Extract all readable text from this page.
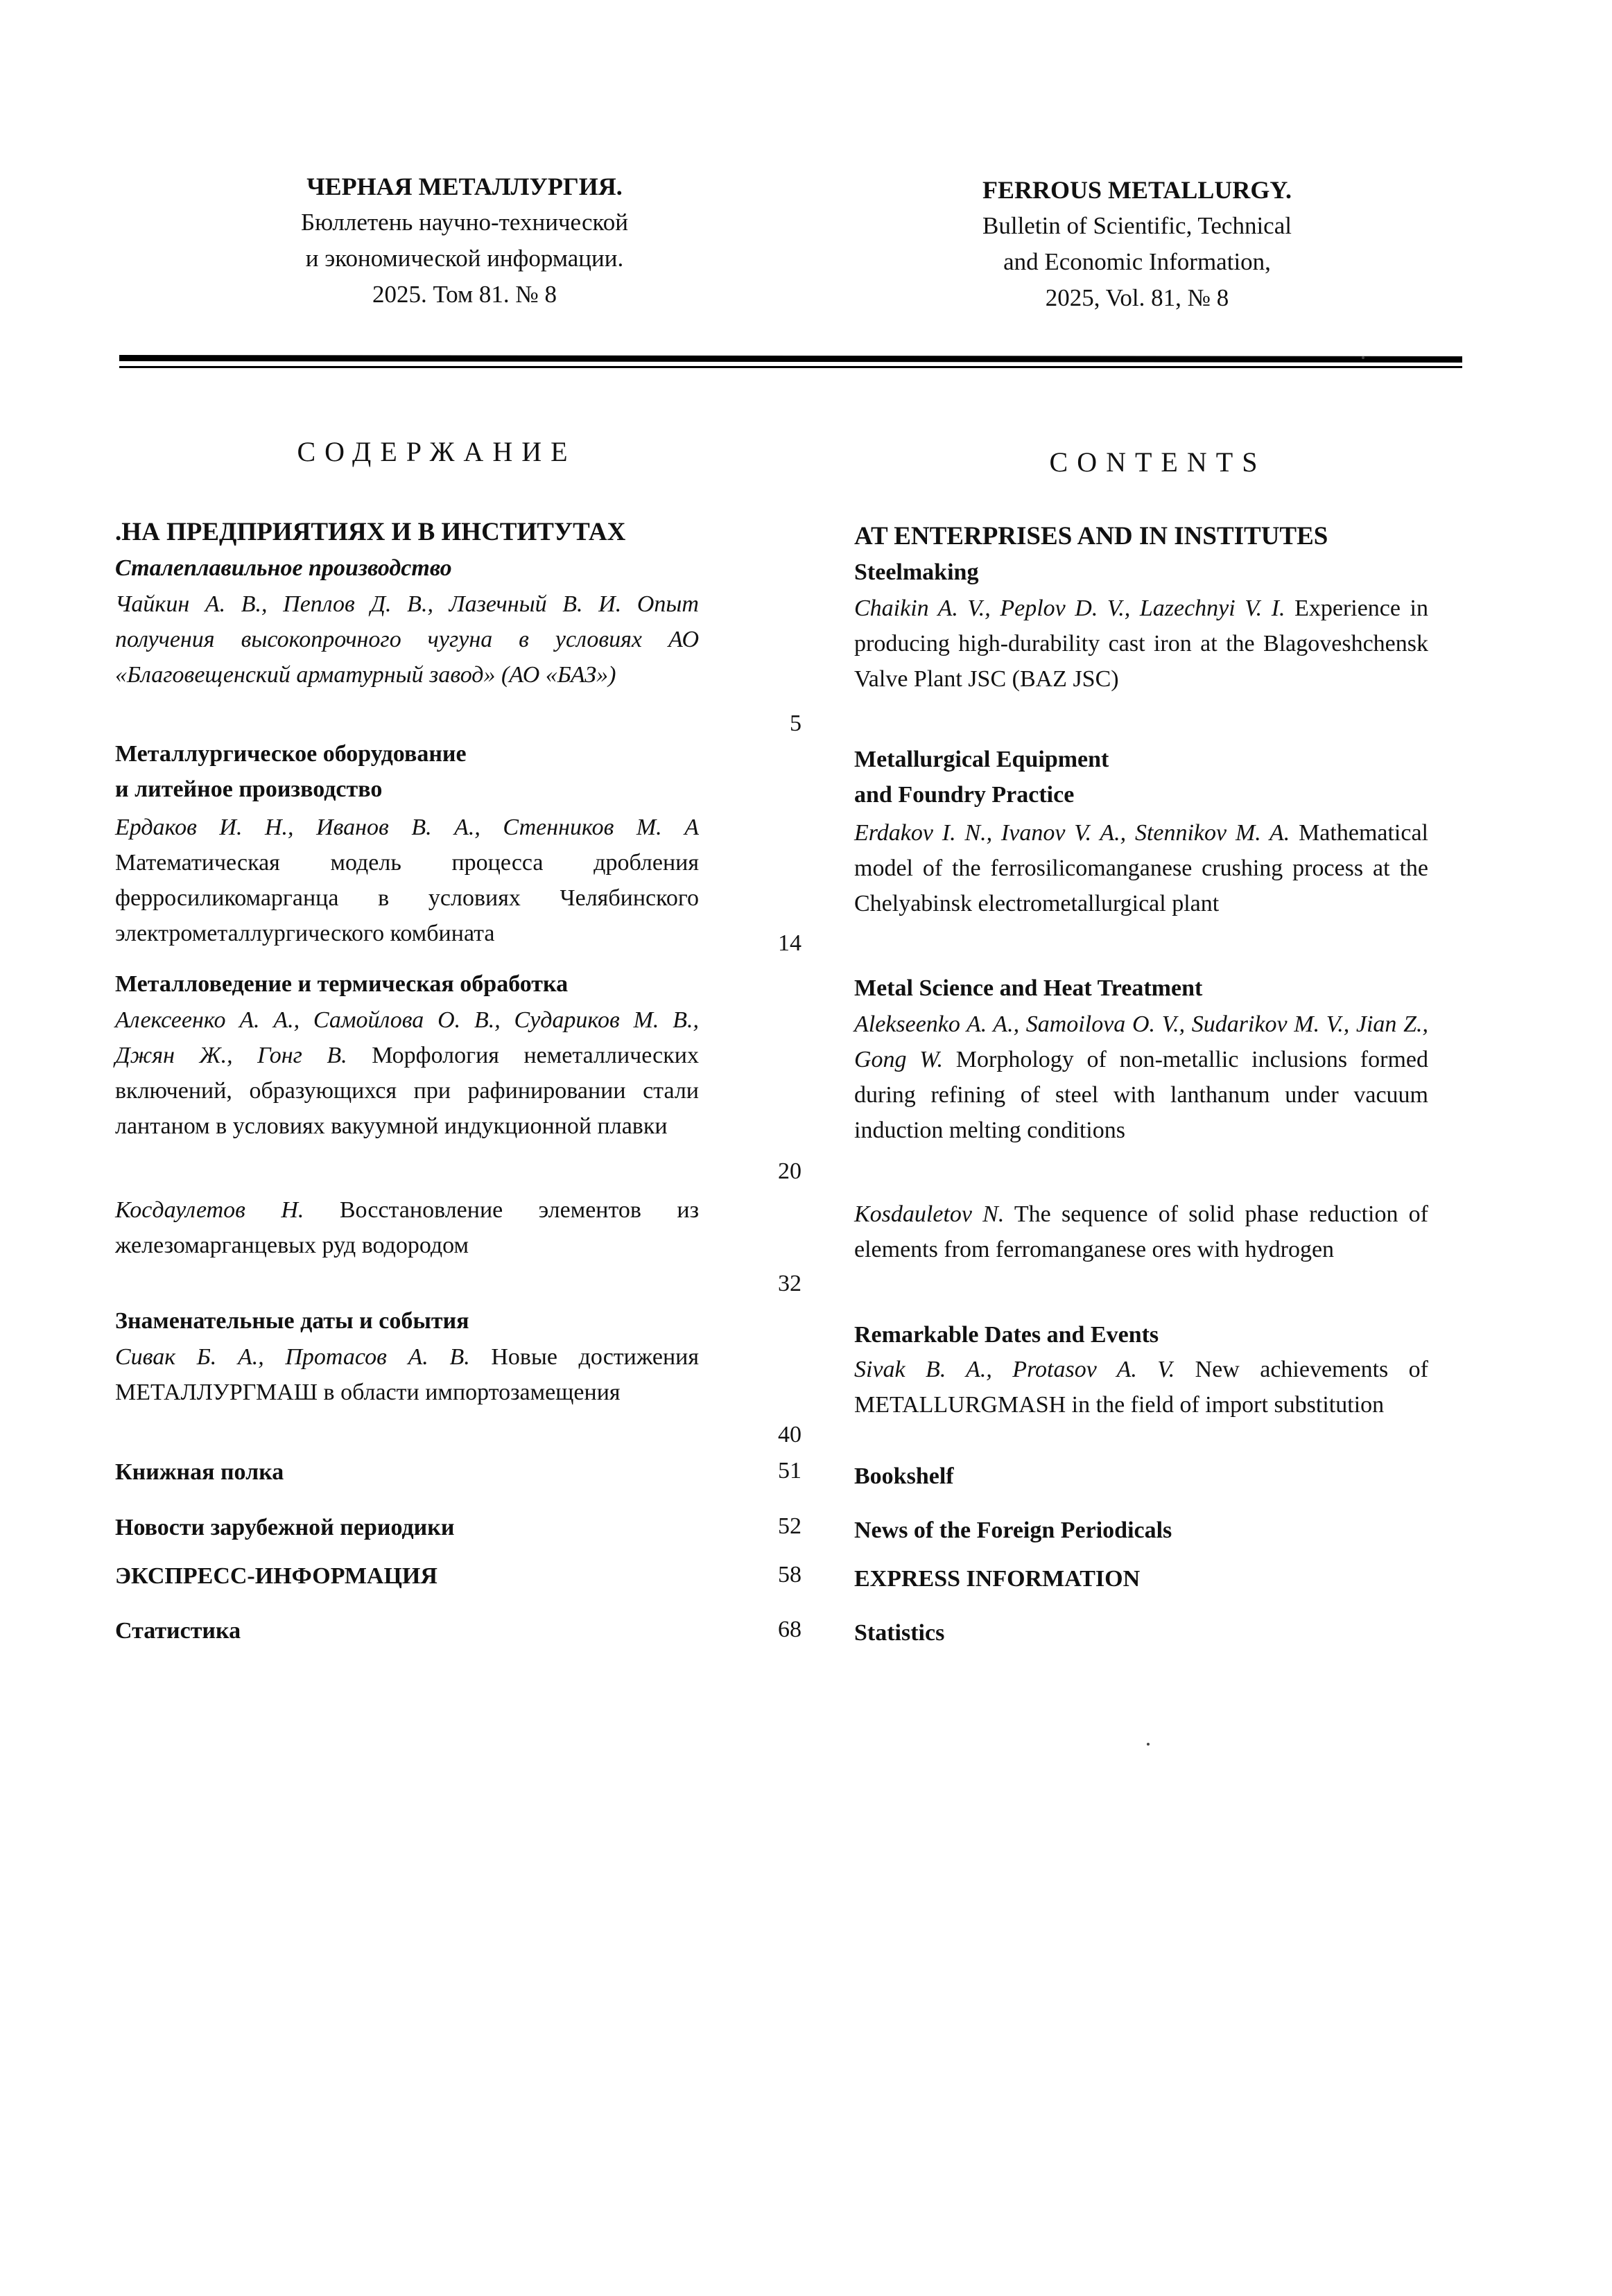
ЧЕРНАЯ МЕТАЛЛУРГИЯ.
Бюллетень научно-технической
и экономической информации.
2025. Том 81. № 8
FERROUS METALLURGY.
Bulletin of Scientific, Technical
and Economic Information,
2025, Vol. 81, № 8
СОДЕРЖАНИЕ	CONTENTS
.НА ПРЕДПРИЯТИЯХ И В ИНСТИТУТАХ
Сталеплавильное производство
Чайкин А. В., Пеплов Д. В., Лазечный В. И. Опыт получения высокопрочного чугуна в условиях АО «Благовещенский арматурный завод» (АО «БАЗ»)
Металлургическое оборудование
и литейное производство
Ердаков И. Н., Иванов В. А., Стенников М. А Математическая модель процесса дробления ферросиликомарганца в условиях Челябинского электрометаллургического комбината
Металловедение и термическая обработка
Алексеенко А. А., Самойлова О. В., Судариков М. В., Джян Ж., Гонг В. Морфология неметаллических включений, образующихся при рафинировании стали лантаном в условиях вакуумной индукционной плавки
Косдаулетов Н. Восстановление элементов из железомарганцевых руд водородом
Знаменательные даты и события
Сивак Б. А., Протасов А. В. Новые достижения МЕТАЛЛУРГМАШ в области импортозамещения
Книжная полка
Новости зарубежной периодики
ЭКСПРЕСС-ИНФОРМАЦИЯ
Статистика
5
14
20
32
40
51
52
58
68
AT ENTERPRISES AND IN INSTITUTES
Steelmaking
Chaikin A. V., Peplov D. V., Lazechnyi V. I. Experience in producing high-durability cast iron at the Blagoveshchensk Valve Plant JSC (BAZ JSC)
Metallurgical Equipment
and Foundry Practice
Erdakov I. N., Ivanov V. A., Stennikov M. A. Mathematical model of the ferrosilicomanganese crushing process at the Chelyabinsk electrometallurgical plant
Metal Science and Heat Treatment
Alekseenko A. A., Samoilova O. V., Sudarikov M. V., Jian Z., Gong W. Morphology of non-metallic inclusions formed during refining of steel with lanthanum under vacuum induction melting conditions
Kosdauletov N. The sequence of solid phase reduction of elements from ferromanganese ores with hydrogen
Remarkable Dates and Events
Sivak B. A., Protasov A. V. New achievements of METALLURGMASH in the field of import substitution
Bookshelf
News of the Foreign Periodicals
EXPRESS INFORMATION
Statistics
